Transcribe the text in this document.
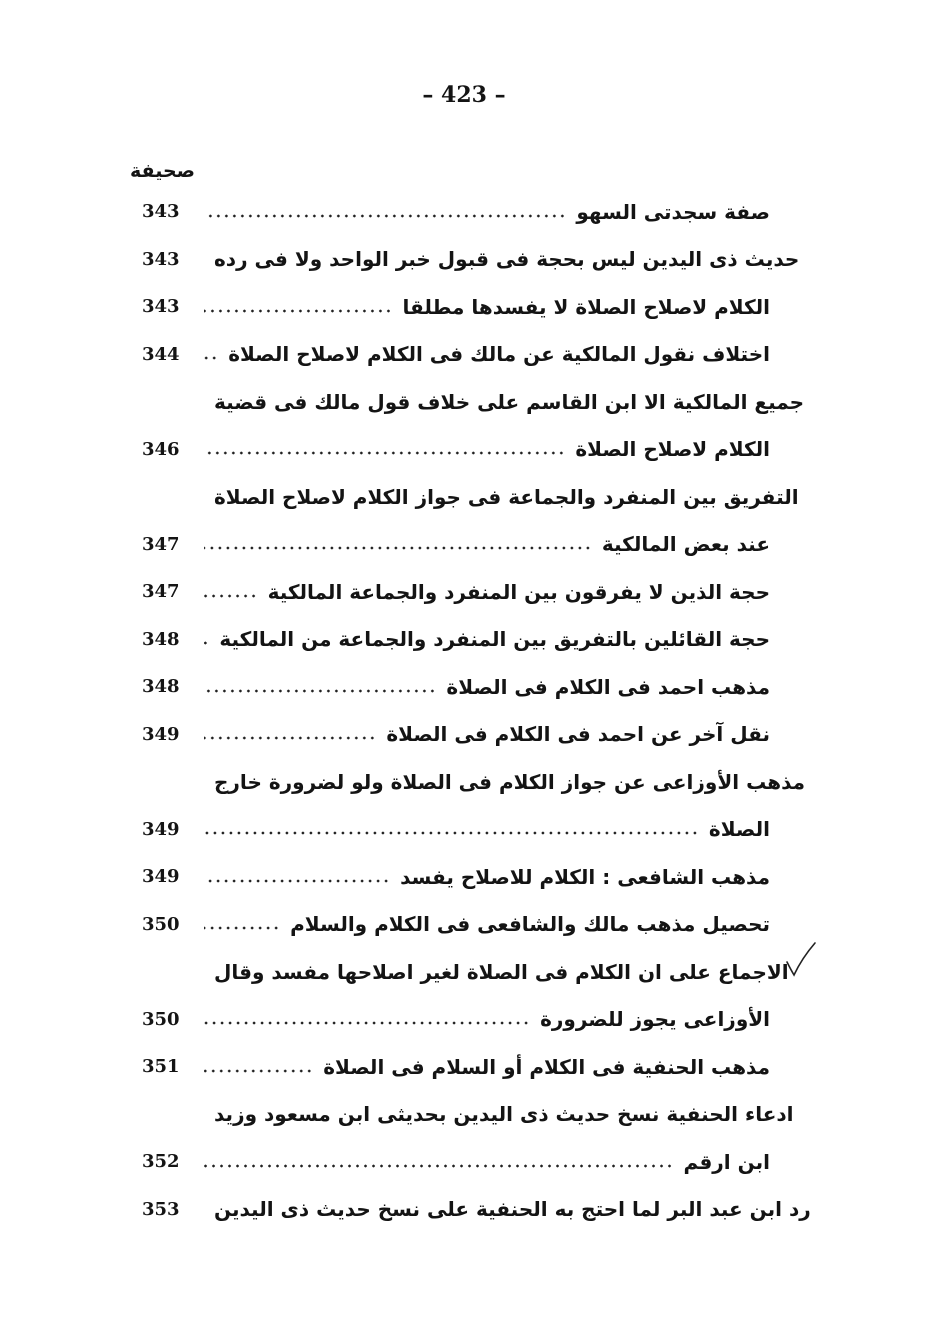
– 423 –
صحيفة
343	صفة سجدتى السهو
343	حديث ذى اليدين ليس بحجة فى قبول خبر الواحد ولا فى رده
343	الكلام لاصلاح الصلاة لا يفسدها مطلقا
344	اختلاف نقول المالكية عن مالك فى الكلام لاصلاح الصلاة
جميع المالكية الا ابن القاسم على خلاف قول مالك فى قضية
346	الكلام لاصلاح الصلاة
التفريق بين المنفرد والجماعة فى جواز الكلام لاصلاح الصلاة
347	عند بعض المالكية
347	حجة الذين لا يفرقون بين المنفرد والجماعة المالكية
348	حجة القائلين بالتفريق بين المنفرد والجماعة من المالكية
348	مذهب احمد فى الكلام فى الصلاة
349	نقل آخر عن احمد فى الكلام فى الصلاة
مذهب الأوزاعى عن جواز الكلام فى الصلاة ولو لضرورة خارج
349	الصلاة
349	مذهب الشافعى : الكلام للاصلاح يفسد
350	تحصيل مذهب مالك والشافعى فى الكلام والسلام
الاجماع على ان الكلام فى الصلاة لغير اصلاحها مفسد وقال
350	الأوزاعى يجوز للضرورة
351	مذهب الحنفية فى الكلام أو السلام فى الصلاة
ادعاء الحنفية نسخ حديث ذى اليدين بحديثى ابن مسعود وزيد
352	ابن ارقم
353	رد ابن عبد البر لما احتج به الحنفية على نسخ حديث ذى اليدين
